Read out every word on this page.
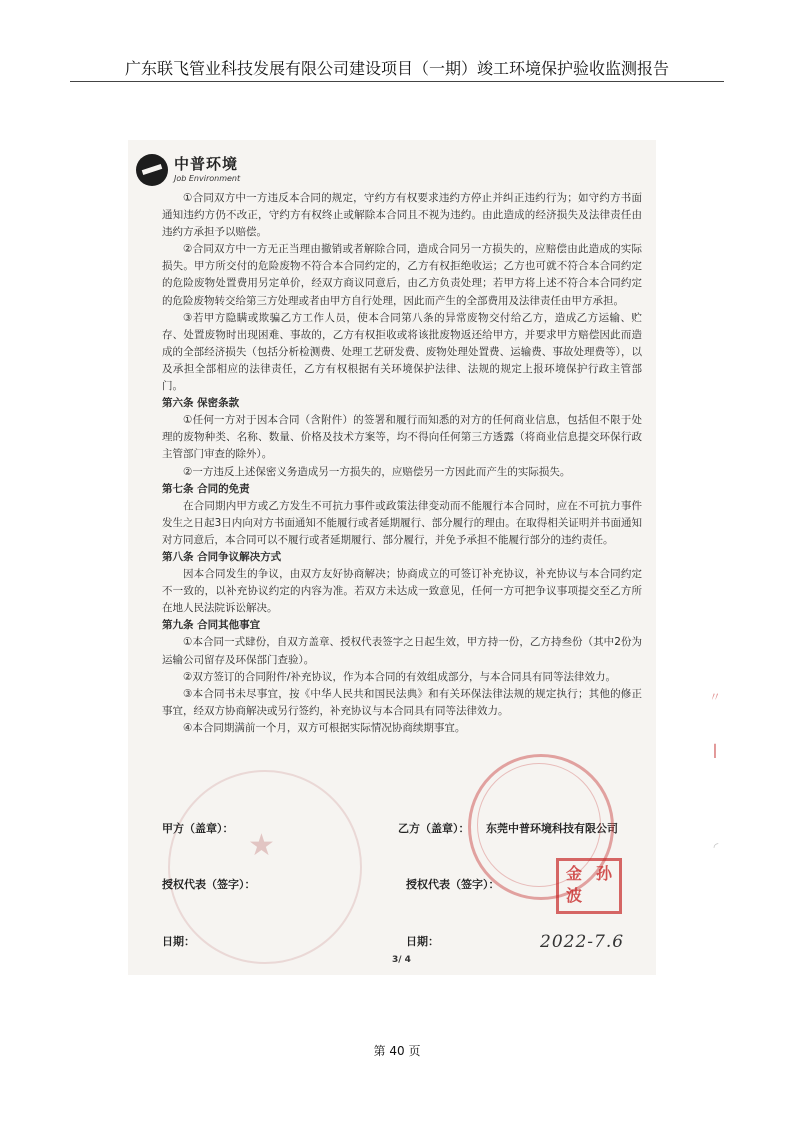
广东联飞管业科技发展有限公司建设项目（一期）竣工环境保护验收监测报告
★
中普环境
Job Environment

①合同双方中一方违反本合同的规定，守约方有权要求违约方停止并纠正违约行为；如守约方书面通知违约方仍不改正，守约方有权终止或解除本合同且不视为违约。由此造成的经济损失及法律责任由违约方承担予以赔偿。

②合同双方中一方无正当理由撤销或者解除合同，造成合同另一方损失的，应赔偿由此造成的实际损失。甲方所交付的危险废物不符合本合同约定的，乙方有权拒绝收运；乙方也可就不符合本合同约定的危险废物处置费用另定单价，经双方商议同意后，由乙方负责处理；若甲方将上述不符合本合同约定的危险废物转交给第三方处理或者由甲方自行处理，因此而产生的全部费用及法律责任由甲方承担。

③若甲方隐瞒或欺骗乙方工作人员，使本合同第八条的异常废物交付给乙方，造成乙方运输、贮存、处置废物时出现困难、事故的，乙方有权拒收或将该批废物返还给甲方，并要求甲方赔偿因此而造成的全部经济损失（包括分析检测费、处理工艺研发费、废物处理处置费、运输费、事故处理费等），以及承担全部相应的法律责任，乙方有权根据有关环境保护法律、法规的规定上报环境保护行政主管部门。

第六条 保密条款

①任何一方对于因本合同（含附件）的签署和履行而知悉的对方的任何商业信息，包括但不限于处理的废物种类、名称、数量、价格及技术方案等，均不得向任何第三方透露（将商业信息提交环保行政主管部门审查的除外）。

②一方违反上述保密义务造成另一方损失的，应赔偿另一方因此而产生的实际损失。

第七条 合同的免责

在合同期内甲方或乙方发生不可抗力事件或政策法律变动而不能履行本合同时，应在不可抗力事件发生之日起3日内向对方书面通知不能履行或者延期履行、部分履行的理由。在取得相关证明并书面通知对方同意后，本合同可以不履行或者延期履行、部分履行，并免予承担不能履行部分的违约责任。

第八条 合同争议解决方式

因本合同发生的争议，由双方友好协商解决；协商成立的可签订补充协议，补充协议与本合同约定不一致的，以补充协议约定的内容为准。若双方未达成一致意见，任何一方可把争议事项提交至乙方所在地人民法院诉讼解决。

第九条 合同其他事宜

①本合同一式肆份，自双方盖章、授权代表签字之日起生效，甲方持一份，乙方持叁份（其中2份为运输公司留存及环保部门查验）。

②双方签订的合同附件/补充协议，作为本合同的有效组成部分，与本合同具有同等法律效力。

③本合同书未尽事宜，按《中华人民共和国民法典》和有关环保法律法规的规定执行；其他的修正事宜，经双方协商解决或另行签约，补充协议与本合同具有同等法律效力。

④本合同期满前一个月，双方可根据实际情况协商续期事宜。

甲方（盖章）：	乙方（盖章）： 东莞中普环境科技有限公司
授权代表（签字）：	授权代表（签字）：
日期：	日期：	2022-7.6
3/ 4
金 孙
波

〃
┃
◜
第 40 页
